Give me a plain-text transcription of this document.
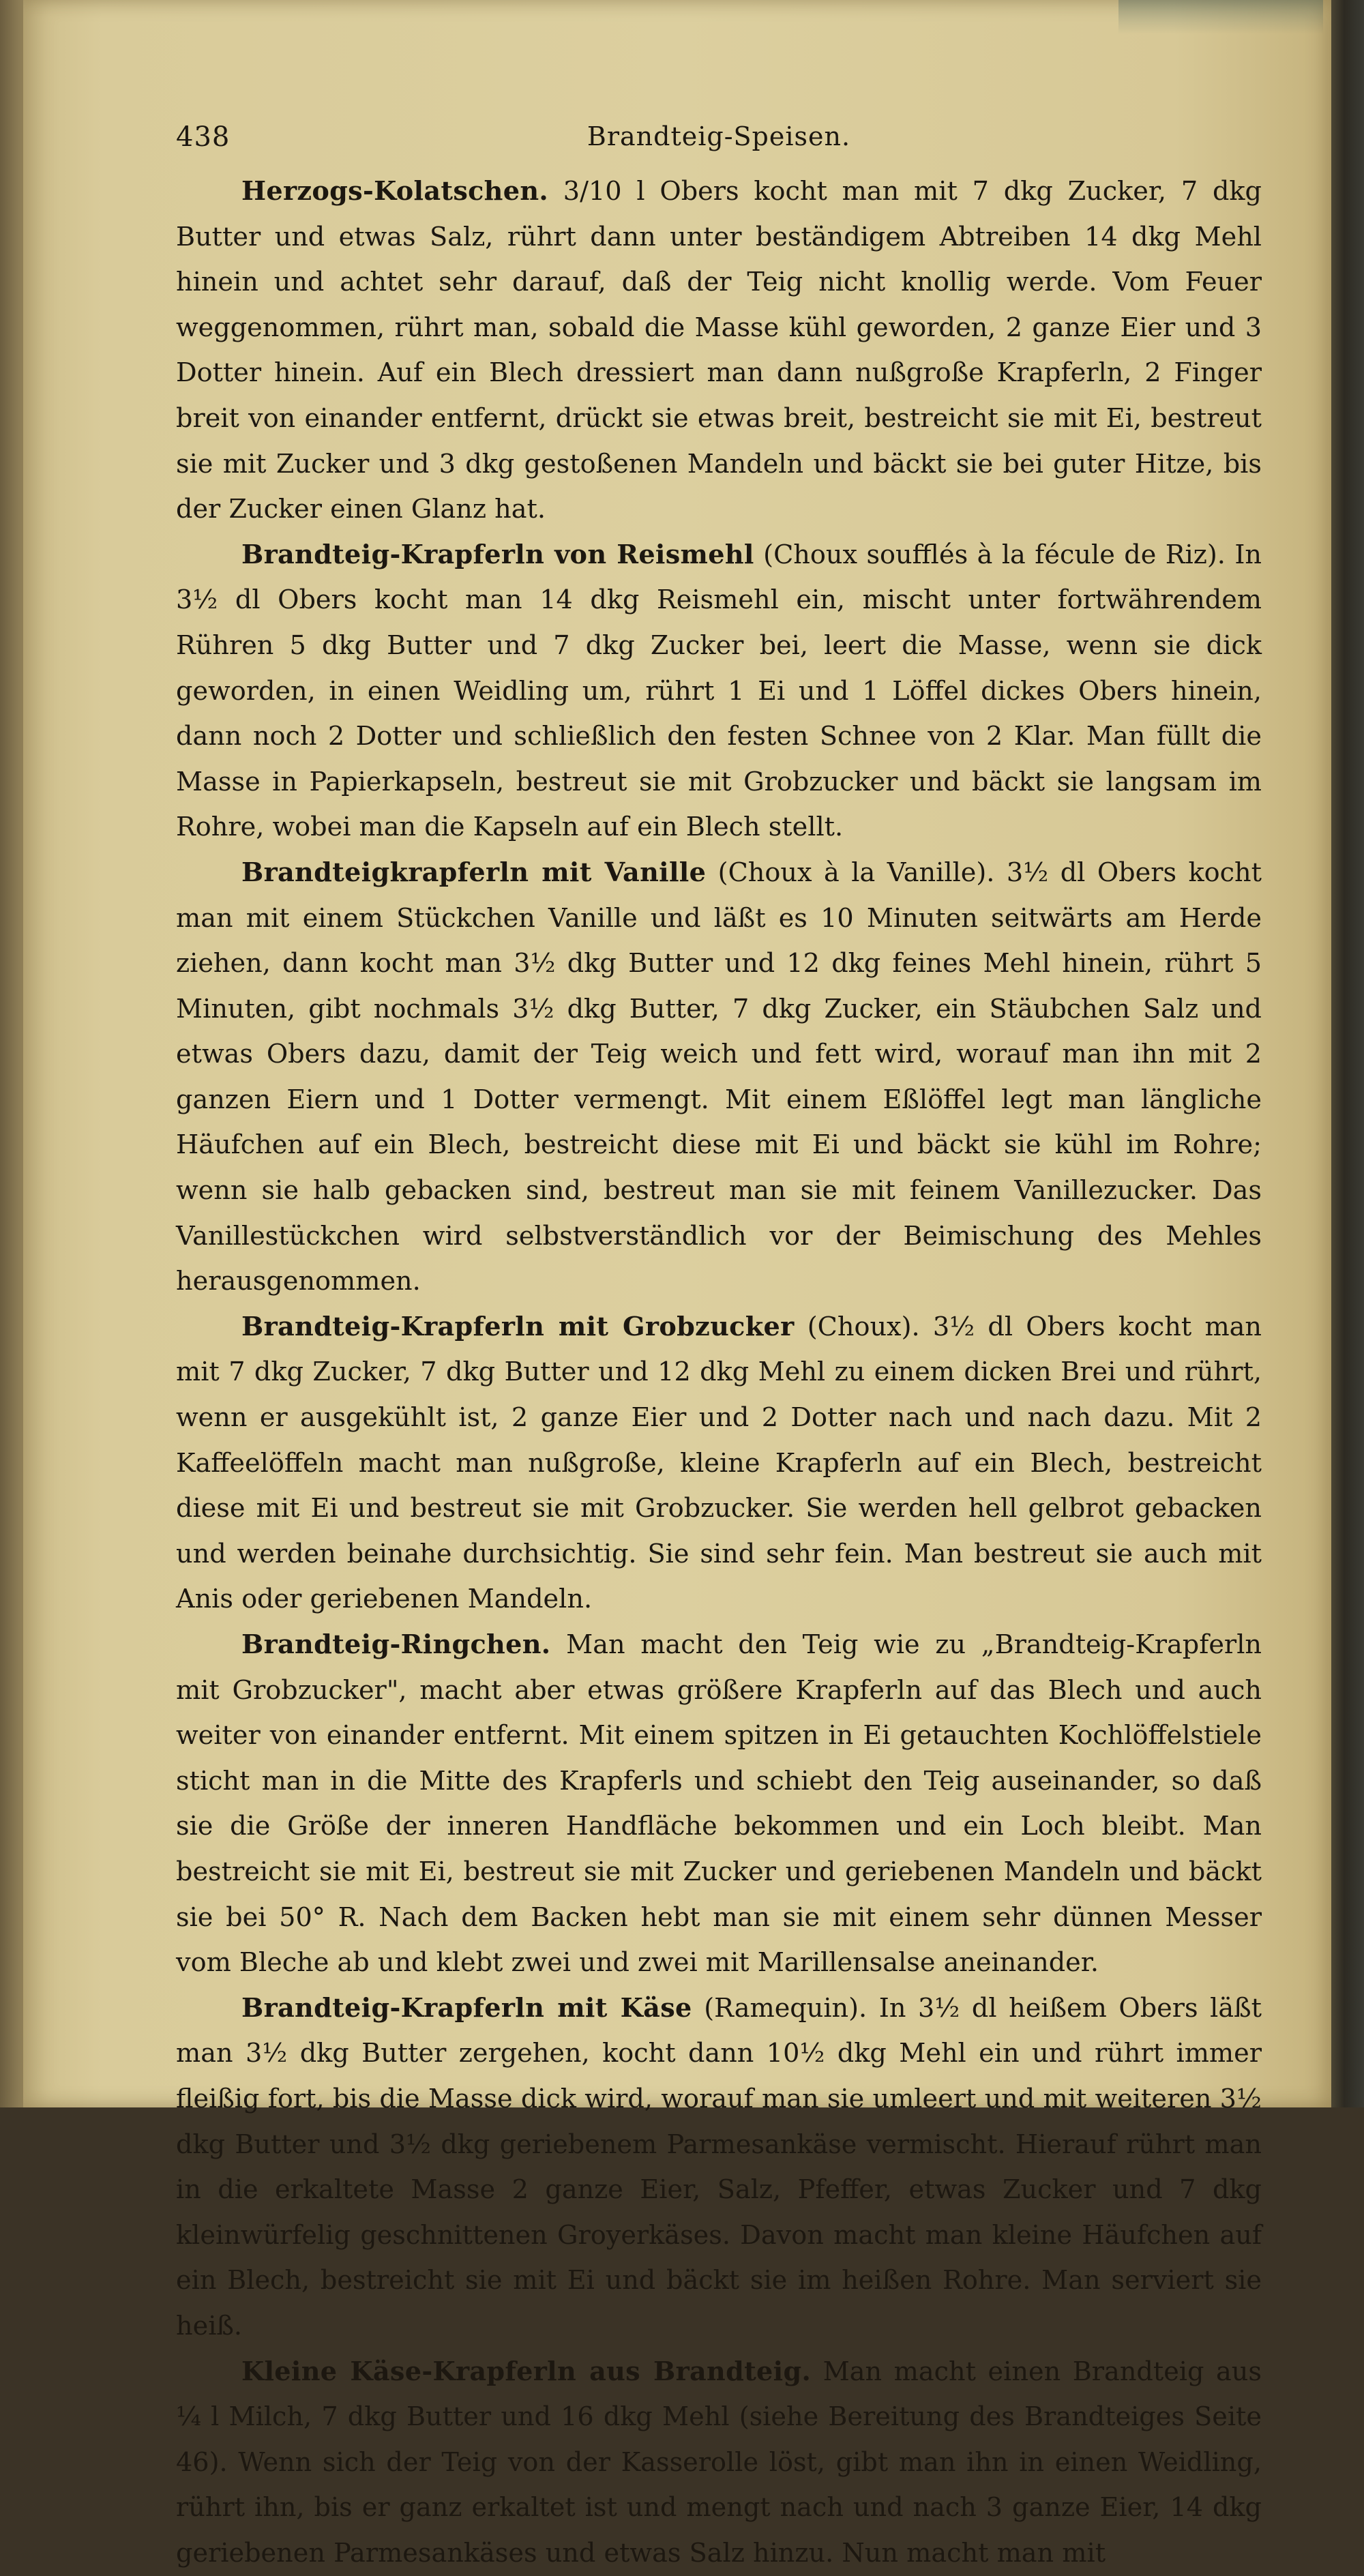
438	Brandteig-Speisen.

Herzogs-Kolatschen. 3/10 l Obers kocht man mit 7 dkg Zucker, 7 dkg Butter und etwas Salz, rührt dann unter beständigem Abtreiben 14 dkg Mehl hinein und achtet sehr darauf, daß der Teig nicht knollig werde. Vom Feuer weggenommen, rührt man, sobald die Masse kühl geworden, 2 ganze Eier und 3 Dotter hinein. Auf ein Blech dressiert man dann nußgroße Krapferln, 2 Finger breit von einander entfernt, drückt sie etwas breit, bestreicht sie mit Ei, bestreut sie mit Zucker und 3 dkg gestoßenen Mandeln und bäckt sie bei guter Hitze, bis der Zucker einen Glanz hat.

Brandteig-Krapferln von Reismehl (Choux soufflés à la fécule de Riz). In 3½ dl Obers kocht man 14 dkg Reismehl ein, mischt unter fortwährendem Rühren 5 dkg Butter und 7 dkg Zucker bei, leert die Masse, wenn sie dick geworden, in einen Weidling um, rührt 1 Ei und 1 Löffel dickes Obers hinein, dann noch 2 Dotter und schließlich den festen Schnee von 2 Klar. Man füllt die Masse in Papierkapseln, bestreut sie mit Grobzucker und bäckt sie langsam im Rohre, wobei man die Kapseln auf ein Blech stellt.

Brandteigkrapferln mit Vanille (Choux à la Vanille). 3½ dl Obers kocht man mit einem Stückchen Vanille und läßt es 10 Minuten seitwärts am Herde ziehen, dann kocht man 3½ dkg Butter und 12 dkg feines Mehl hinein, rührt 5 Minuten, gibt nochmals 3½ dkg Butter, 7 dkg Zucker, ein Stäubchen Salz und etwas Obers dazu, damit der Teig weich und fett wird, worauf man ihn mit 2 ganzen Eiern und 1 Dotter vermengt. Mit einem Eßlöffel legt man längliche Häufchen auf ein Blech, bestreicht diese mit Ei und bäckt sie kühl im Rohre; wenn sie halb gebacken sind, bestreut man sie mit feinem Vanillezucker. Das Vanillestückchen wird selbstverständlich vor der Beimischung des Mehles herausgenommen.

Brandteig-Krapferln mit Grobzucker (Choux). 3½ dl Obers kocht man mit 7 dkg Zucker, 7 dkg Butter und 12 dkg Mehl zu einem dicken Brei und rührt, wenn er ausgekühlt ist, 2 ganze Eier und 2 Dotter nach und nach dazu. Mit 2 Kaffeelöffeln macht man nußgroße, kleine Krapferln auf ein Blech, bestreicht diese mit Ei und bestreut sie mit Grobzucker. Sie werden hell gelbrot gebacken und werden beinahe durchsichtig. Sie sind sehr fein. Man bestreut sie auch mit Anis oder geriebenen Mandeln.

Brandteig-Ringchen. Man macht den Teig wie zu „Brandteig-Krapferln mit Grobzucker", macht aber etwas größere Krapferln auf das Blech und auch weiter von einander entfernt. Mit einem spitzen in Ei getauchten Kochlöffelstiele sticht man in die Mitte des Krapferls und schiebt den Teig auseinander, so daß sie die Größe der inneren Handfläche bekommen und ein Loch bleibt. Man bestreicht sie mit Ei, bestreut sie mit Zucker und geriebenen Mandeln und bäckt sie bei 50° R. Nach dem Backen hebt man sie mit einem sehr dünnen Messer vom Bleche ab und klebt zwei und zwei mit Marillensalse aneinander.

Brandteig-Krapferln mit Käse (Ramequin). In 3½ dl heißem Obers läßt man 3½ dkg Butter zergehen, kocht dann 10½ dkg Mehl ein und rührt immer fleißig fort, bis die Masse dick wird, worauf man sie umleert und mit weiteren 3½ dkg Butter und 3½ dkg geriebenem Parmesankäse vermischt. Hierauf rührt man in die erkaltete Masse 2 ganze Eier, Salz, Pfeffer, etwas Zucker und 7 dkg kleinwürfelig geschnittenen Groyerkäses. Davon macht man kleine Häufchen auf ein Blech, bestreicht sie mit Ei und bäckt sie im heißen Rohre. Man serviert sie heiß.

Kleine Käse-Krapferln aus Brandteig. Man macht einen Brandteig aus ¼ l Milch, 7 dkg Butter und 16 dkg Mehl (siehe Bereitung des Brandteiges Seite 46). Wenn sich der Teig von der Kasserolle löst, gibt man ihn in einen Weidling, rührt ihn, bis er ganz erkaltet ist und mengt nach und nach 3 ganze Eier, 14 dkg geriebenen Parmesankäses und etwas Salz hinzu. Nun macht man mit
